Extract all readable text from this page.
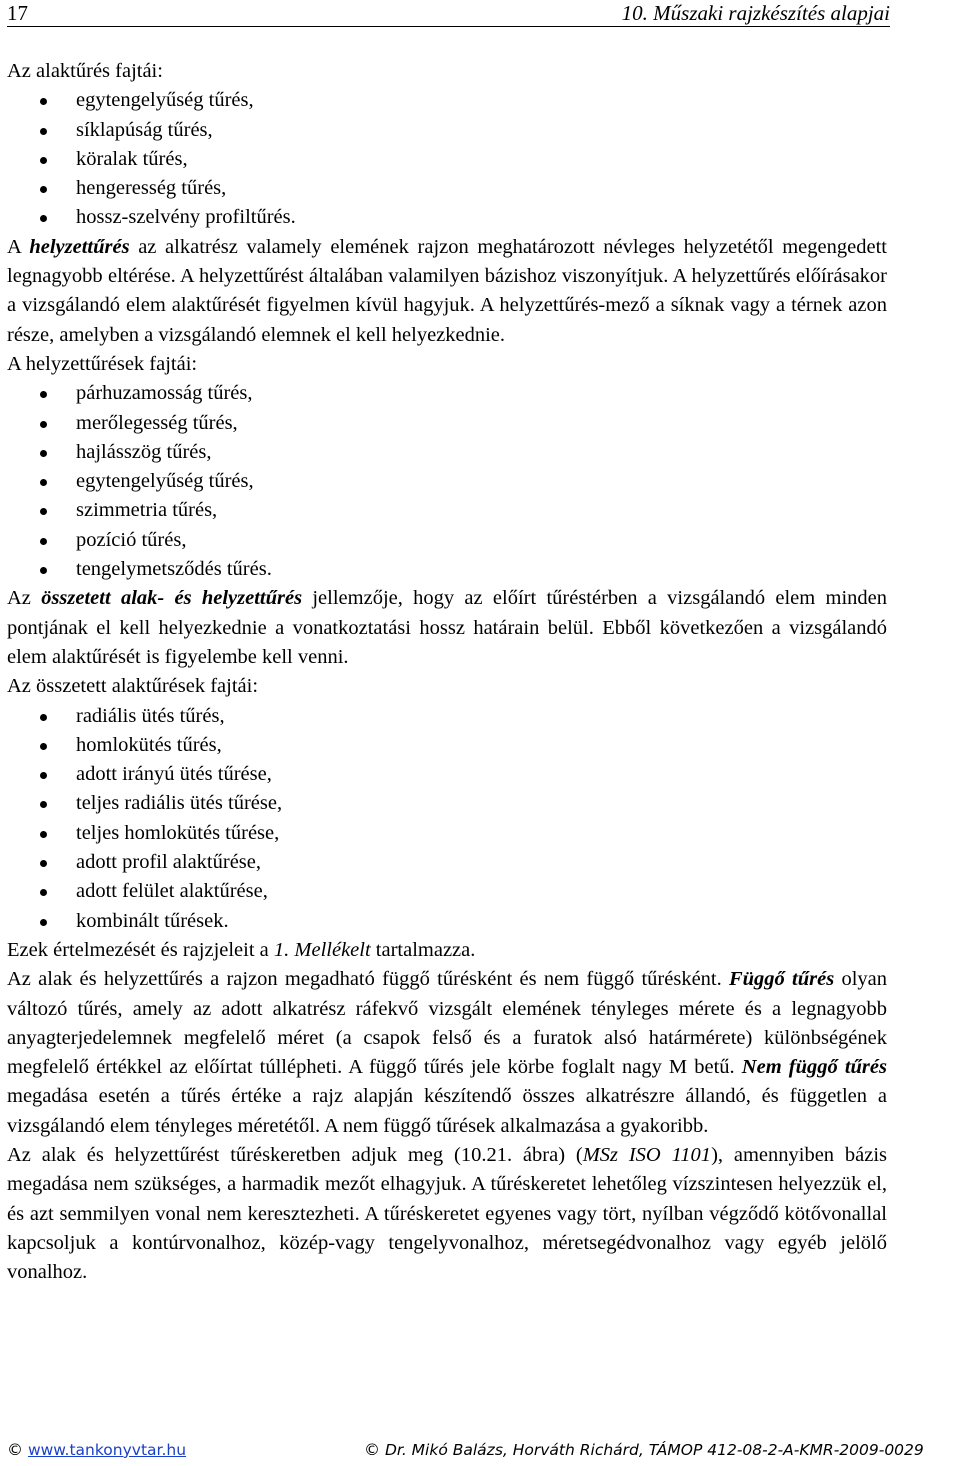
17	10. Műszaki rajzkészítés alapjai
Az alaktűrés fajtái:
egytengelyűség tűrés,
síklapúság tűrés,
köralak tűrés,
hengeresség tűrés,
hossz-szelvény profiltűrés.

A helyzettűrés az alkatrész valamely elemének rajzon meghatározott névleges helyzetétől megengedett legnagyobb eltérése. A helyzettűrést általában valamilyen bázishoz viszonyítjuk. A helyzettűrés előírásakor a vizsgálandó elem alaktűrését figyelmen kívül hagyjuk. A helyzettűrés-mező a síknak vagy a térnek azon része, amelyben a vizsgálandó elemnek el kell helyezkednie.

A helyzettűrések fajtái:
párhuzamosság tűrés,
merőlegesség tűrés,
hajlásszög tűrés,
egytengelyűség tűrés,
szimmetria tűrés,
pozíció tűrés,
tengelymetsződés tűrés.

Az összetett alak- és helyzettűrés jellemzője, hogy az előírt tűréstérben a vizsgálandó elem minden pontjának el kell helyezkednie a vonatkoztatási hossz határain belül. Ebből következően a vizsgálandó elem alaktűrését is figyelembe kell venni.

Az összetett alaktűrések fajtái:
radiális ütés tűrés,
homlokütés tűrés,
adott irányú ütés tűrése,
teljes radiális ütés tűrése,
teljes homlokütés tűrése,
adott profil alaktűrése,
adott felület alaktűrése,
kombinált tűrések.

Ezek értelmezését és rajzjeleit a 1. Mellékelt tartalmazza.

Az alak és helyzettűrés a rajzon megadható függő tűrésként és nem függő tűrésként. Függő tűrés olyan változó tűrés, amely az adott alkatrész ráfekvő vizsgált elemének tényleges mérete és a legnagyobb anyagterjedelemnek megfelelő méret (a csapok felső és a furatok alsó határmérete) különbségének megfelelő értékkel az előírtat túllépheti. A függő tűrés jele körbe foglalt nagy M betű. Nem függő tűrés megadása esetén a tűrés értéke a rajz alapján készítendő összes alkatrészre állandó, és független a vizsgálandó elem tényleges méretétől. A nem függő tűrések alkalmazása a gyakoribb.

Az alak és helyzettűrést tűréskeretben adjuk meg (10.21. ábra) (MSz ISO 1101), amennyiben bázis megadása nem szükséges, a harmadik mezőt elhagyjuk. A tűréskeretet lehetőleg vízszintesen helyezzük el, és azt semmilyen vonal nem keresztezheti. A tűréskeretet egyenes vagy tört, nyílban végződő kötővonallal kapcsoljuk a kontúrvonalhoz, közép-vagy tengelyvonalhoz, méretsegédvonalhoz vagy egyéb jelölő vonalhoz.

© www.tankonyvtar.hu	© Dr. Mikó Balázs, Horváth Richárd, TÁMOP 412-08-2-A-KMR-2009-0029
